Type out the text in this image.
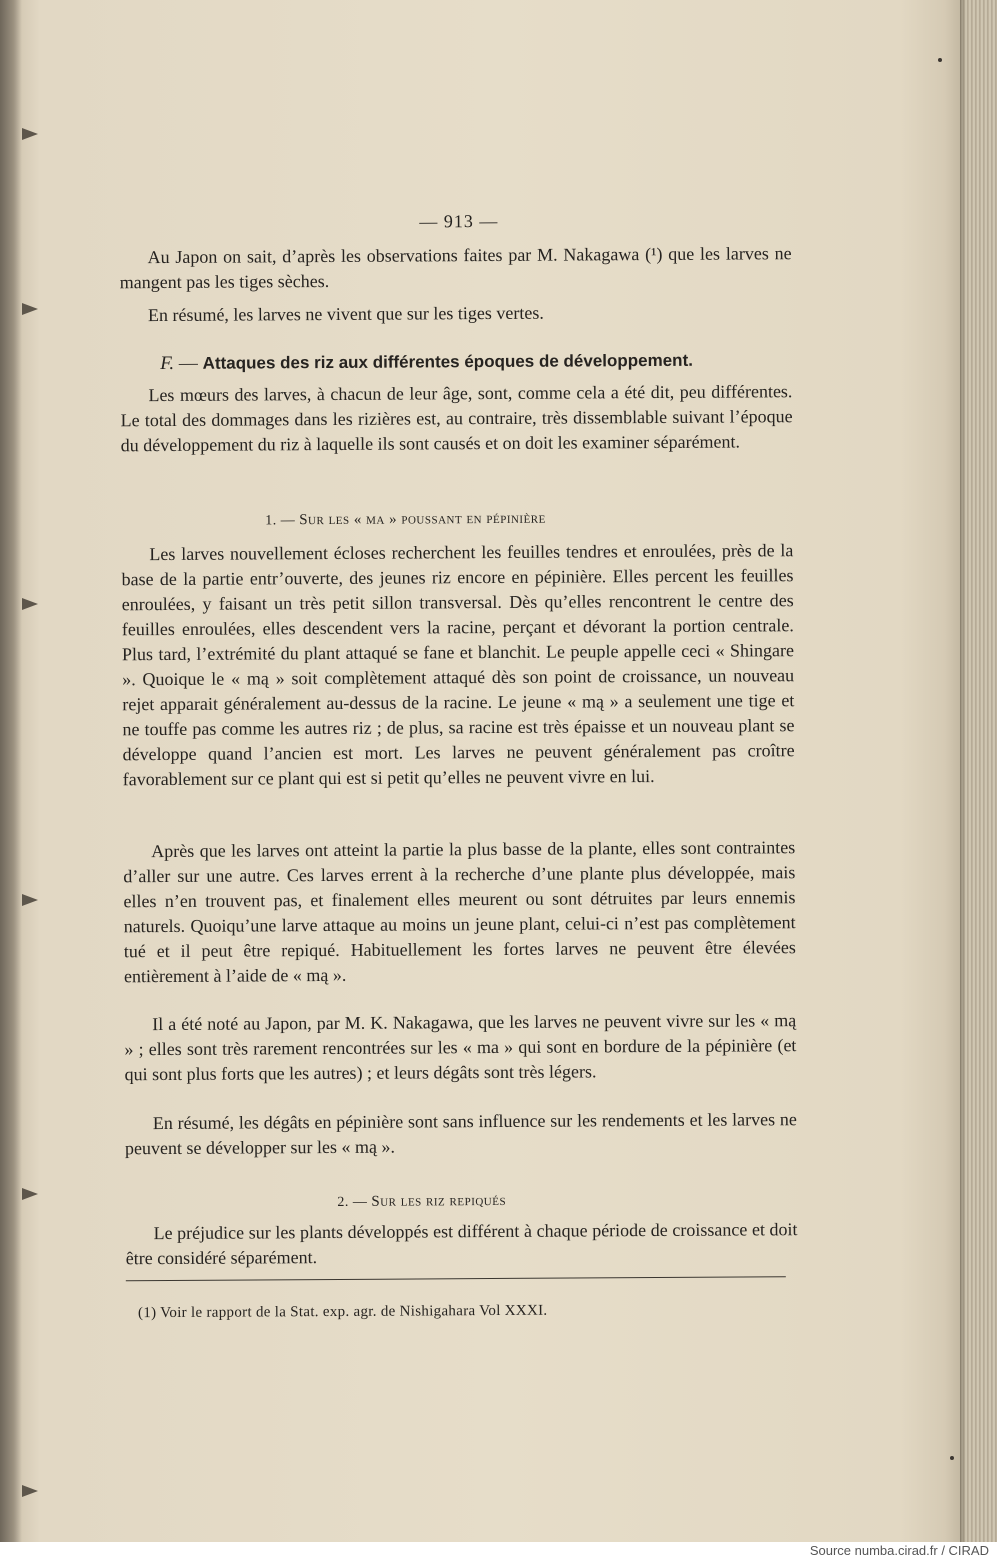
— 913 —

Au Japon on sait, d’après les observations faites par M. Nakagawa (¹) que les larves ne mangent pas les tiges sèches.

En résumé, les larves ne vivent que sur les tiges vertes.

F. — Attaques des riz aux différentes époques de développement.

Les mœurs des larves, à chacun de leur âge, sont, comme cela a été dit, peu différentes. Le total des dommages dans les rizières est, au contraire, très dissemblable suivant l’époque du développement du riz à laquelle ils sont causés et on doit les examiner séparément.

1. — Sur les « ma » poussant en pépinière

Les larves nouvellement écloses recherchent les feuilles tendres et enroulées, près de la base de la partie entr’ouverte, des jeunes riz encore en pépinière. Elles percent les feuilles enroulées, y faisant un très petit sillon transversal. Dès qu’elles rencontrent le centre des feuilles enroulées, elles descendent vers la racine, perçant et dévorant la portion centrale. Plus tard, l’extrémité du plant attaqué se fane et blanchit. Le peuple appelle ceci « Shingare ». Quoique le « mą » soit complètement attaqué dès son point de croissance, un nouveau rejet apparait généralement au-dessus de la racine. Le jeune « mą » a seulement une tige et ne touffe pas comme les autres riz ; de plus, sa racine est très épaisse et un nouveau plant se développe quand l’ancien est mort. Les larves ne peuvent généralement pas croître favorablement sur ce plant qui est si petit qu’elles ne peuvent vivre en lui.

Après que les larves ont atteint la partie la plus basse de la plante, elles sont contraintes d’aller sur une autre. Ces larves errent à la recherche d’une plante plus développée, mais elles n’en trouvent pas, et finalement elles meurent ou sont détruites par leurs ennemis naturels. Quoiqu’une larve attaque au moins un jeune plant, celui-ci n’est pas complètement tué et il peut être repiqué. Habituellement les fortes larves ne peuvent être élevées entièrement à l’aide de « mą ».

Il a été noté au Japon, par M. K. Nakagawa, que les larves ne peuvent vivre sur les « mą » ; elles sont très rarement rencontrées sur les « ma » qui sont en bordure de la pépinière (et qui sont plus forts que les autres) ; et leurs dégâts sont très légers.

En résumé, les dégâts en pépinière sont sans influence sur les rendements et les larves ne peuvent se développer sur les « mą ».

2. — Sur les riz repiqués

Le préjudice sur les plants développés est différent à chaque période de croissance et doit être considéré séparément.

(1) Voir le rapport de la Stat. exp. agr. de Nishigahara Vol XXXI.
Source numba.cirad.fr / CIRAD
